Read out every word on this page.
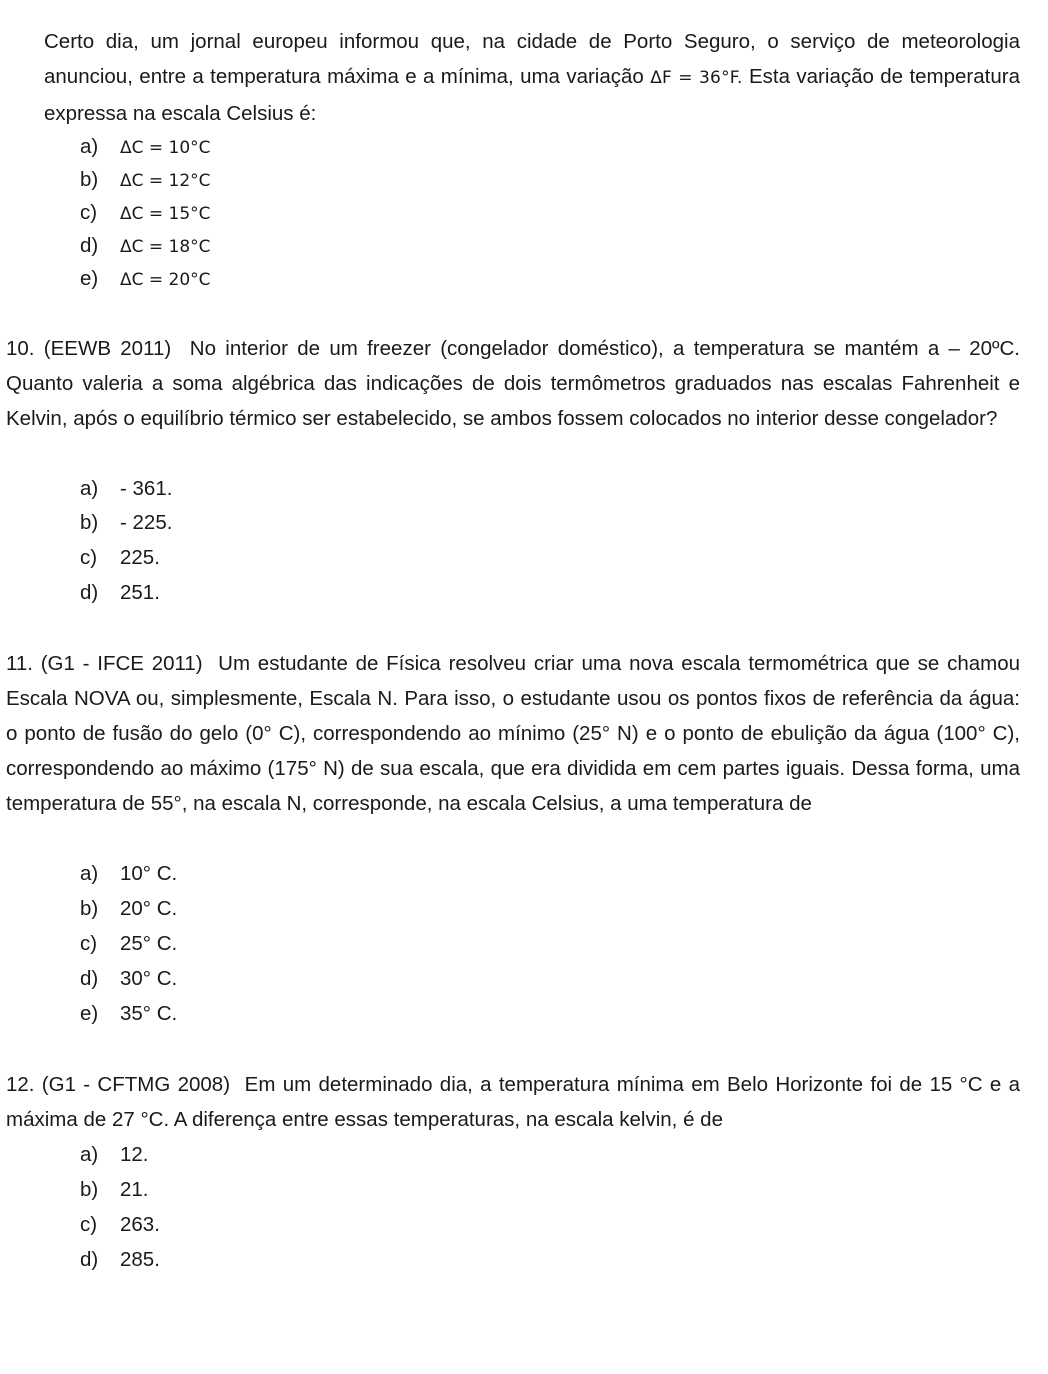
Certo dia, um jornal europeu informou que, na cidade de Porto Seguro, o serviço de meteorologia anunciou, entre a temperatura máxima e a mínima, uma variação ΔF = 36°F. Esta variação de temperatura expressa na escala Celsius é:
a) ΔC = 10°C
b) ΔC = 12°C
c) ΔC = 15°C
d) ΔC = 18°C
e) ΔC = 20°C
10. (EEWB 2011) No interior de um freezer (congelador doméstico), a temperatura se mantém a – 20ºC. Quanto valeria a soma algébrica das indicações de dois termômetros graduados nas escalas Fahrenheit e Kelvin, após o equilíbrio térmico ser estabelecido, se ambos fossem colocados no interior desse congelador?
a) - 361.
b) - 225.
c) 225.
d) 251.
11. (G1 - IFCE 2011) Um estudante de Física resolveu criar uma nova escala termométrica que se chamou Escala NOVA ou, simplesmente, Escala N. Para isso, o estudante usou os pontos fixos de referência da água: o ponto de fusão do gelo (0° C), correspondendo ao mínimo (25° N) e o ponto de ebulição da água (100° C), correspondendo ao máximo (175° N) de sua escala, que era dividida em cem partes iguais. Dessa forma, uma temperatura de 55°, na escala N, corresponde, na escala Celsius, a uma temperatura de
a) 10° C.
b) 20° C.
c) 25° C.
d) 30° C.
e) 35° C.
12. (G1 - CFTMG 2008) Em um determinado dia, a temperatura mínima em Belo Horizonte foi de 15 °C e a máxima de 27 °C. A diferença entre essas temperaturas, na escala kelvin, é de
a) 12.
b) 21.
c) 263.
d) 285.
